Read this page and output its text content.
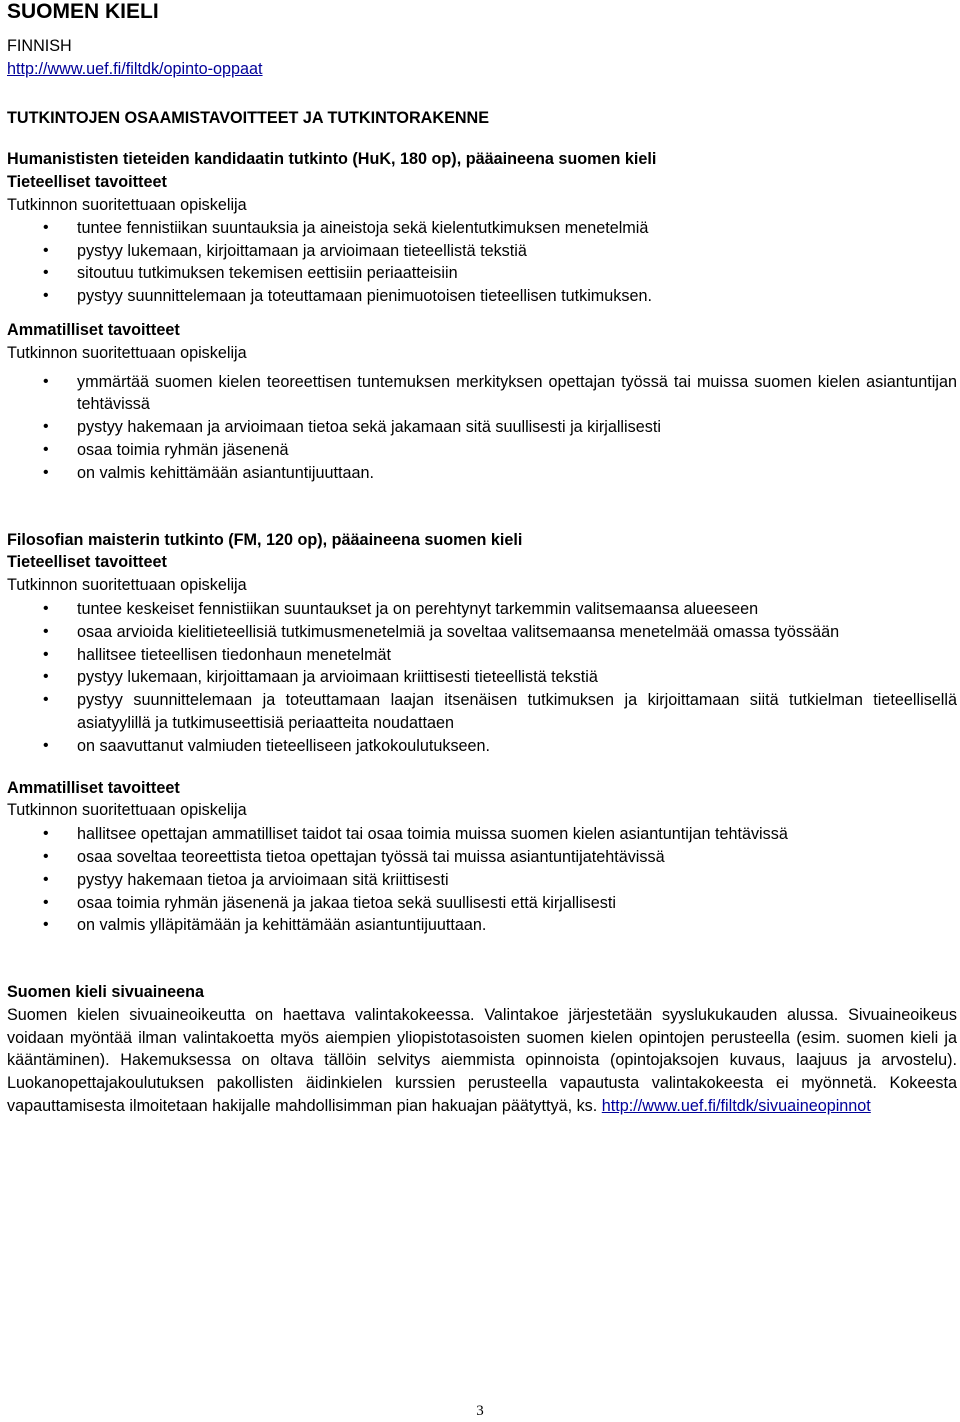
SUOMEN KIELI
FINNISH
http://www.uef.fi/filtdk/opinto-oppaat
TUTKINTOJEN OSAAMISTAVOITTEET JA TUTKINTORAKENNE
Humanististen tieteiden kandidaatin tutkinto (HuK, 180 op), pääaineena suomen kieli
Tieteelliset tavoitteet
Tutkinnon suoritettuaan opiskelija
• tuntee fennistiikan suuntauksia ja aineistoja sekä kielentutkimuksen menetelmiä
• pystyy lukemaan, kirjoittamaan ja arvioimaan tieteellistä tekstiä
• sitoutuu tutkimuksen tekemisen eettisiin periaatteisiin
• pystyy suunnittelemaan ja toteuttamaan pienimuotoisen tieteellisen tutkimuksen.
Ammatilliset tavoitteet
Tutkinnon suoritettuaan opiskelija
• ymmärtää suomen kielen teoreettisen tuntemuksen merkityksen opettajan työssä tai muissa suomen kielen asiantuntijan tehtävissä
• pystyy hakemaan ja arvioimaan tietoa sekä jakamaan sitä suullisesti ja kirjallisesti
• osaa toimia ryhmän jäsenenä
• on valmis kehittämään asiantuntijuuttaan.
Filosofian maisterin tutkinto (FM, 120 op), pääaineena suomen kieli
Tieteelliset tavoitteet
Tutkinnon suoritettuaan opiskelija
• tuntee keskeiset fennistiikan suuntaukset ja on perehtynyt tarkemmin valitsemaansa alueeseen
• osaa arvioida kielitieteellisiä tutkimusmenetelmiä ja soveltaa valitsemaansa menetelmää omassa työssään
• hallitsee tieteellisen tiedonhaun menetelmät
• pystyy lukemaan, kirjoittamaan ja arvioimaan kriittisesti tieteellistä tekstiä
• pystyy suunnittelemaan ja toteuttamaan laajan itsenäisen tutkimuksen ja kirjoittamaan siitä tutkielman tieteellisellä asiatyylillä ja tutkimuseettisiä periaatteita noudattaen
• on saavuttanut valmiuden tieteelliseen jatkokoulutukseen.
Ammatilliset tavoitteet
Tutkinnon suoritettuaan opiskelija
• hallitsee opettajan ammatilliset taidot tai osaa toimia muissa suomen kielen asiantuntijan tehtävissä
• osaa soveltaa teoreettista tietoa opettajan työssä tai muissa asiantuntijatehtävissä
• pystyy hakemaan tietoa ja arvioimaan sitä kriittisesti
• osaa toimia ryhmän jäsenenä ja jakaa tietoa sekä suullisesti että kirjallisesti
• on valmis ylläpitämään ja kehittämään asiantuntijuuttaan.
Suomen kieli sivuaineena
Suomen kielen sivuaineoikeutta on haettava valintakokeessa. Valintakoe järjestetään syyslukukauden alussa. Sivuaineoikeus voidaan myöntää ilman valintakoetta myös aiempien yliopistotasoisten suomen kielen opintojen perusteella (esim. suomen kieli ja kääntäminen). Hakemuksessa on oltava tällöin selvitys aiemmista opinnoista (opintojaksojen kuvaus, laajuus ja arvostelu). Luokanopettajakoulutuksen pakollisten äidinkielen kurssien perusteella vapautusta valintakokeesta ei myönnetä. Kokeesta vapauttamisesta ilmoitetaan hakijalle mahdollisimman pian hakuajan päätyttyä, ks. http://www.uef.fi/filtdk/sivuaineopinnot
3
